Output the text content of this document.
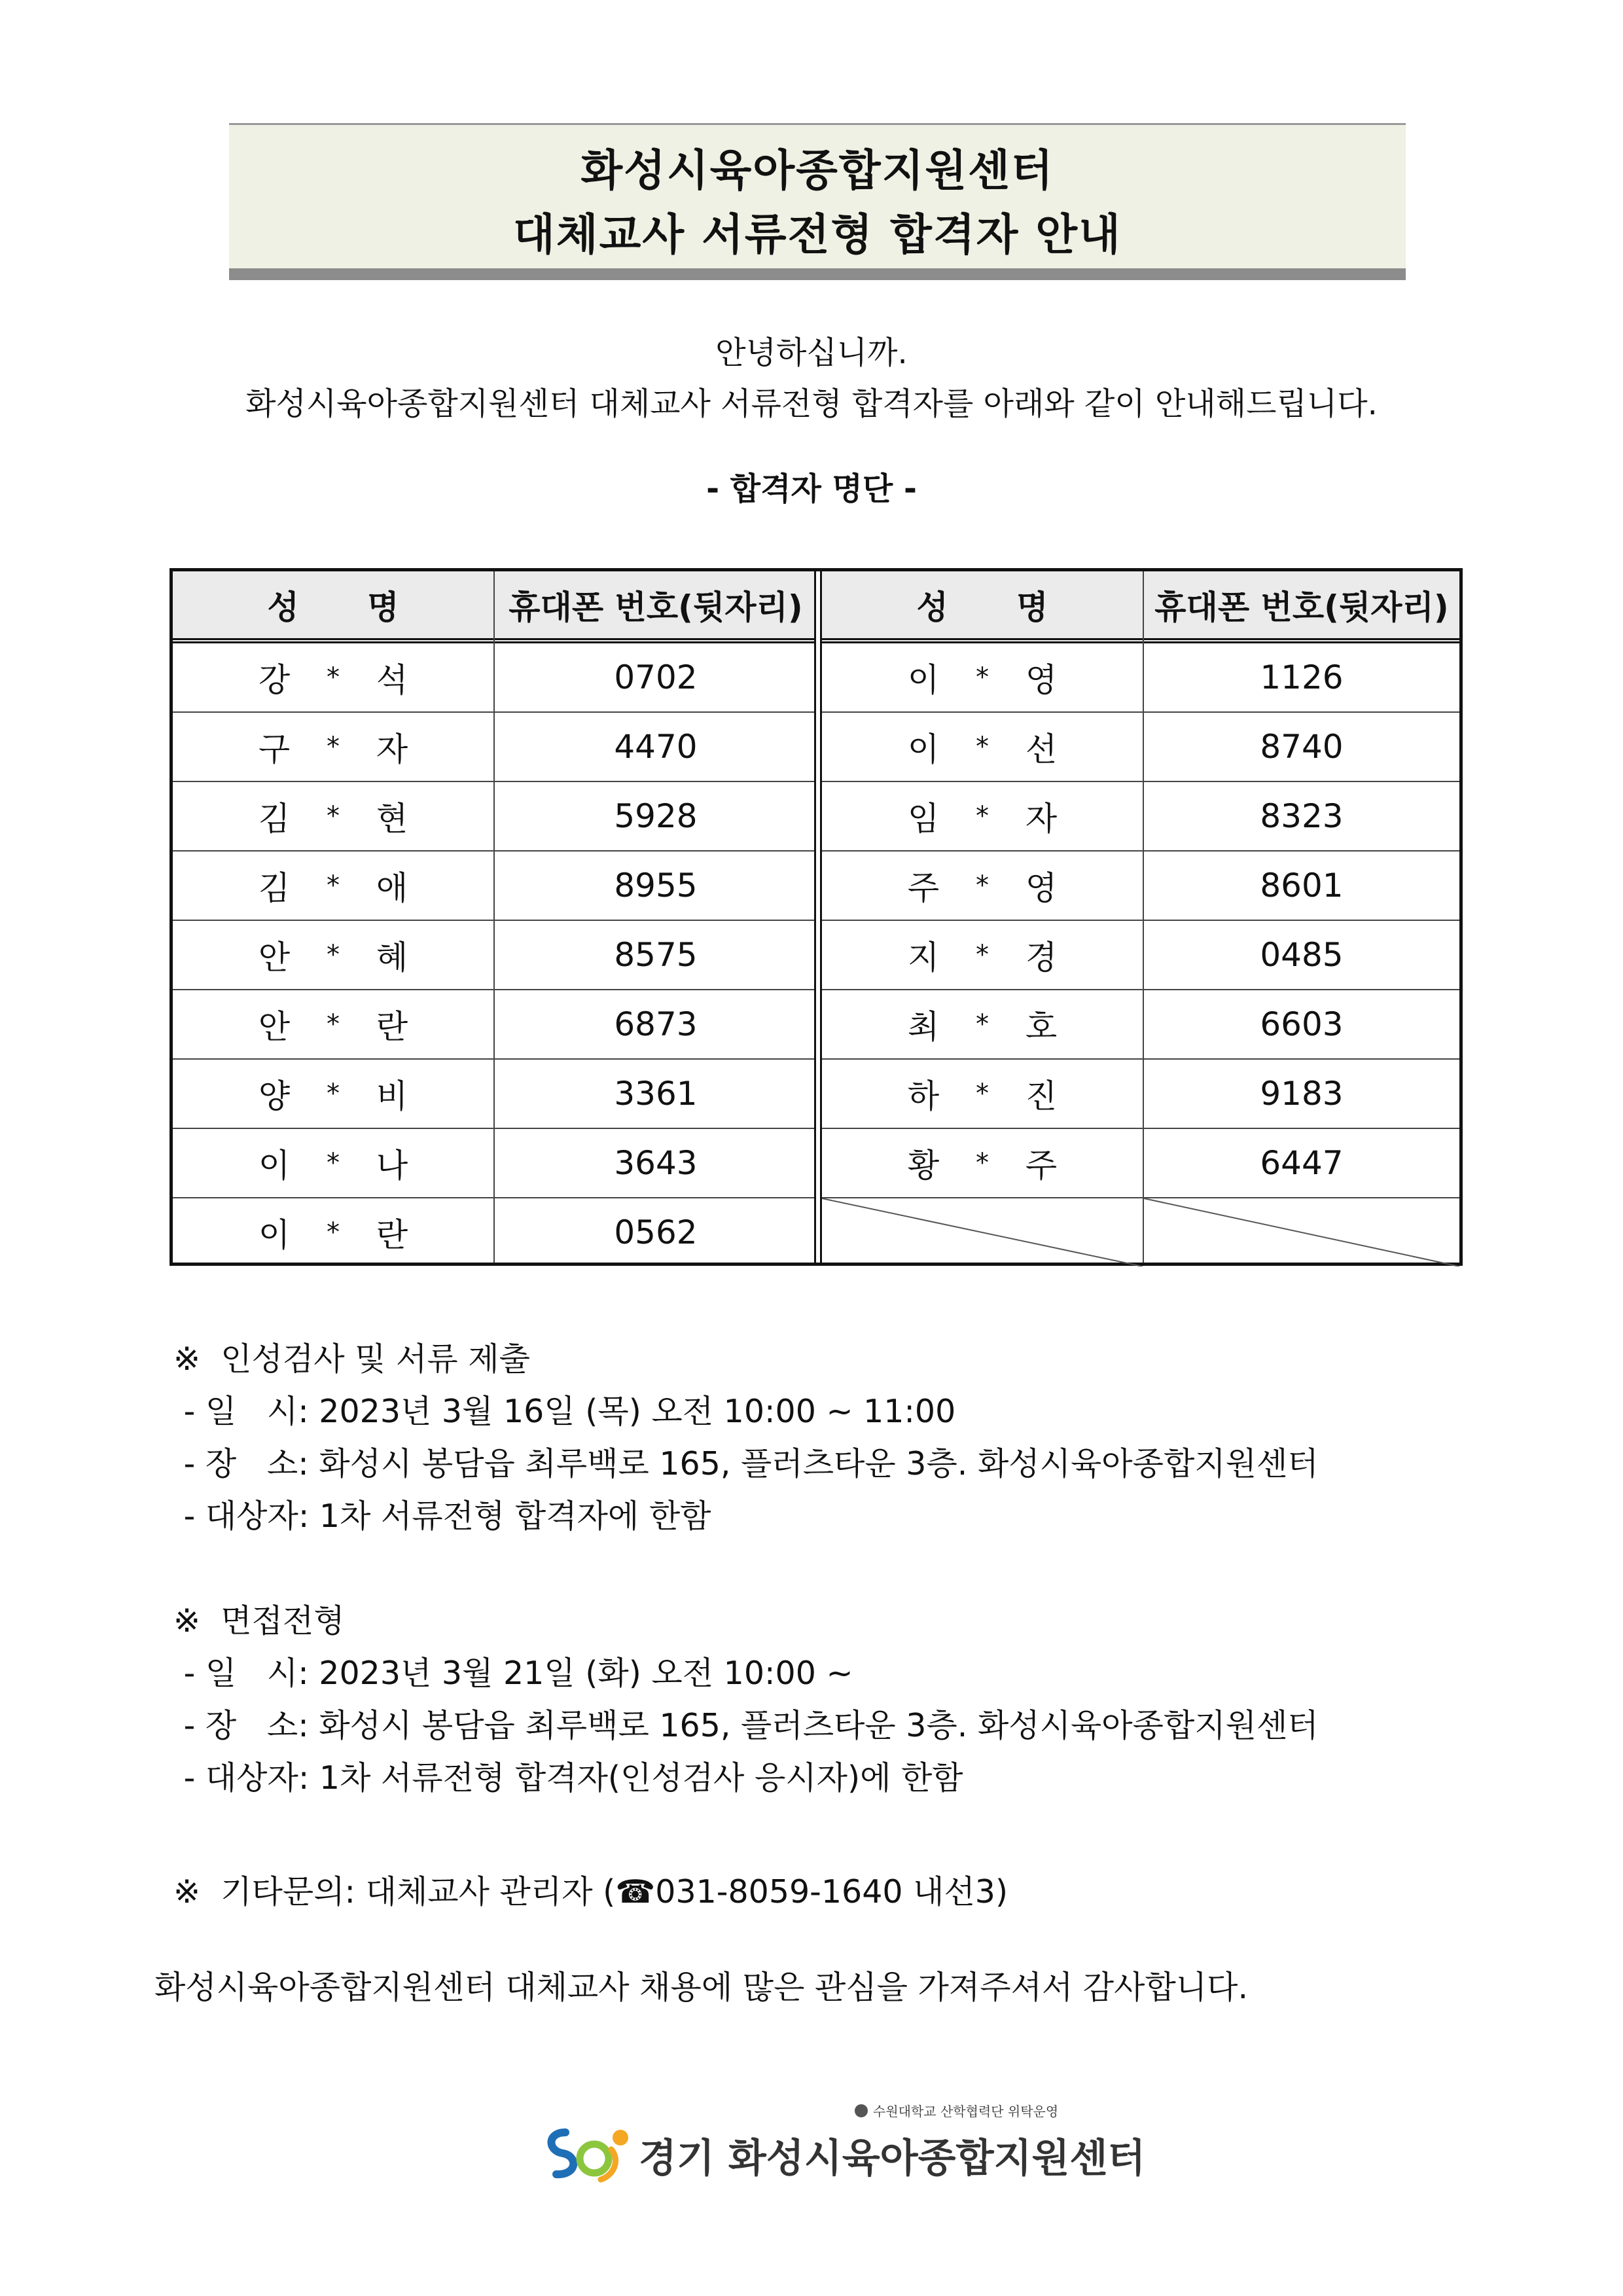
화성시육아종합지원센터
대체교사 서류전형 합격자 안내
안녕하십니까.
화성시육아종합지원센터 대체교사 서류전형 합격자를 아래와 같이 안내해드립니다.
- 합격자 명단 -
성      명	휴대폰 번호(뒷자리)
강	*	석	0702
구	*	자	4470
김	*	현	5928
김	*	애	8955
안	*	혜	8575
안	*	란	6873
양	*	비	3361
이	*	나	3643
이	*	란	0562
성      명	휴대폰 번호(뒷자리)
이	*	영	1126
이	*	선	8740
임	*	자	8323
주	*	영	8601
지	*	경	0485
최	*	호	6603
하	*	진	9183
황	*	주	6447
※  인성검사 및 서류 제출
- 일   시: 2023년 3월 16일 (목) 오전 10:00 ~ 11:00
- 장   소: 화성시 봉담읍 최루백로 165, 플러츠타운 3층. 화성시육아종합지원센터
- 대상자: 1차 서류전형 합격자에 한함
※  면접전형
- 일   시: 2023년 3월 21일 (화) 오전 10:00 ~
- 장   소: 화성시 봉담읍 최루백로 165, 플러츠타운 3층. 화성시육아종합지원센터
- 대상자: 1차 서류전형 합격자(인성검사 응시자)에 한함
※  기타문의: 대체교사 관리자 (☎031-8059-1640 내선3)
화성시육아종합지원센터 대체교사 채용에 많은 관심을 가져주셔서 감사합니다.
수원대학교 산학협력단 위탁운영
경기 화성시육아종합지원센터
